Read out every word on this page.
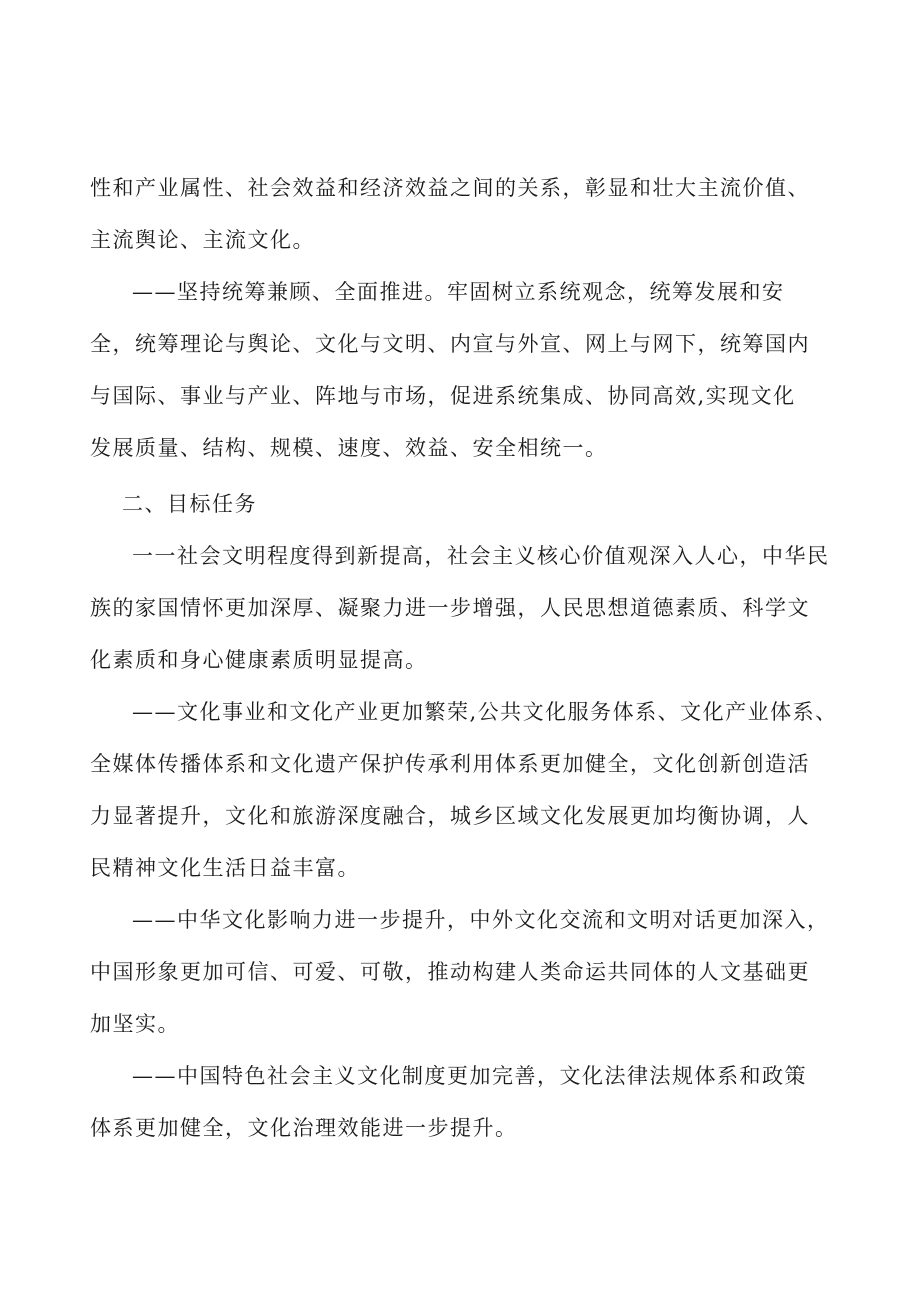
性和产业属性、社会效益和经济效益之间的关系，彰显和壮大主流价值、
主流舆论、主流文化。
——坚持统筹兼顾、全面推进。牢固树立系统观念，统筹发展和安
全，统筹理论与舆论、文化与文明、内宣与外宣、网上与网下，统筹国内
与国际、事业与产业、阵地与市场，促进系统集成、协同高效,实现文化
发展质量、结构、规模、速度、效益、安全相统一。
二、目标任务
一一社会文明程度得到新提高，社会主义核心价值观深入人心，中华民
族的家国情怀更加深厚、凝聚力进一步增强，人民思想道德素质、科学文
化素质和身心健康素质明显提高。
——文化事业和文化产业更加繁荣,公共文化服务体系、文化产业体系、
全媒体传播体系和文化遗产保护传承利用体系更加健全，文化创新创造活
力显著提升，文化和旅游深度融合，城乡区域文化发展更加均衡协调，人
民精神文化生活日益丰富。
——中华文化影响力进一步提升，中外文化交流和文明对话更加深入，
中国形象更加可信、可爱、可敬，推动构建人类命运共同体的人文基础更
加坚实。
——中国特色社会主义文化制度更加完善，文化法律法规体系和政策
体系更加健全，文化治理效能进一步提升。
